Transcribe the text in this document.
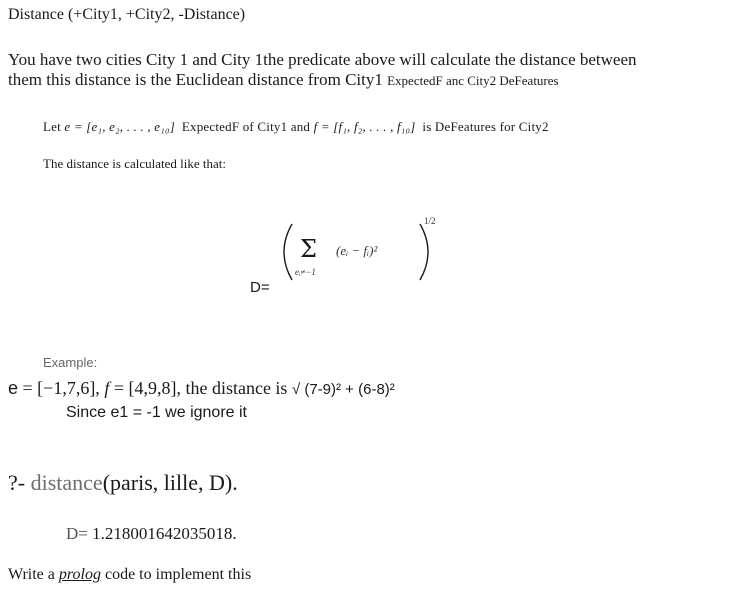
Distance (+City1, +City2, -Distance)
You have two cities City 1 and City 1the predicate above will calculate the distance between
them this distance is the Euclidean distance from City1 ExpectedF anc City2 DeFeatures
Let e = [e₁, e₂, . . . , e₁₀] ExpectedF of City1 and f = [f₁, f₂, . . . , f₁₀] is DeFeatures for City2
The distance is calculated like that:
Σ (eᵢ − fᵢ)²
eᵢ≠−1
1/2
D=
Example:
e = [−1,7,6], f = [4,9,8], the distance is √ (7-9)² + (6-8)²
Since e1 = -1 we ignore it
?- distance(paris, lille, D).
D= 1.218001642035018.
Write a prolog code to implement this
